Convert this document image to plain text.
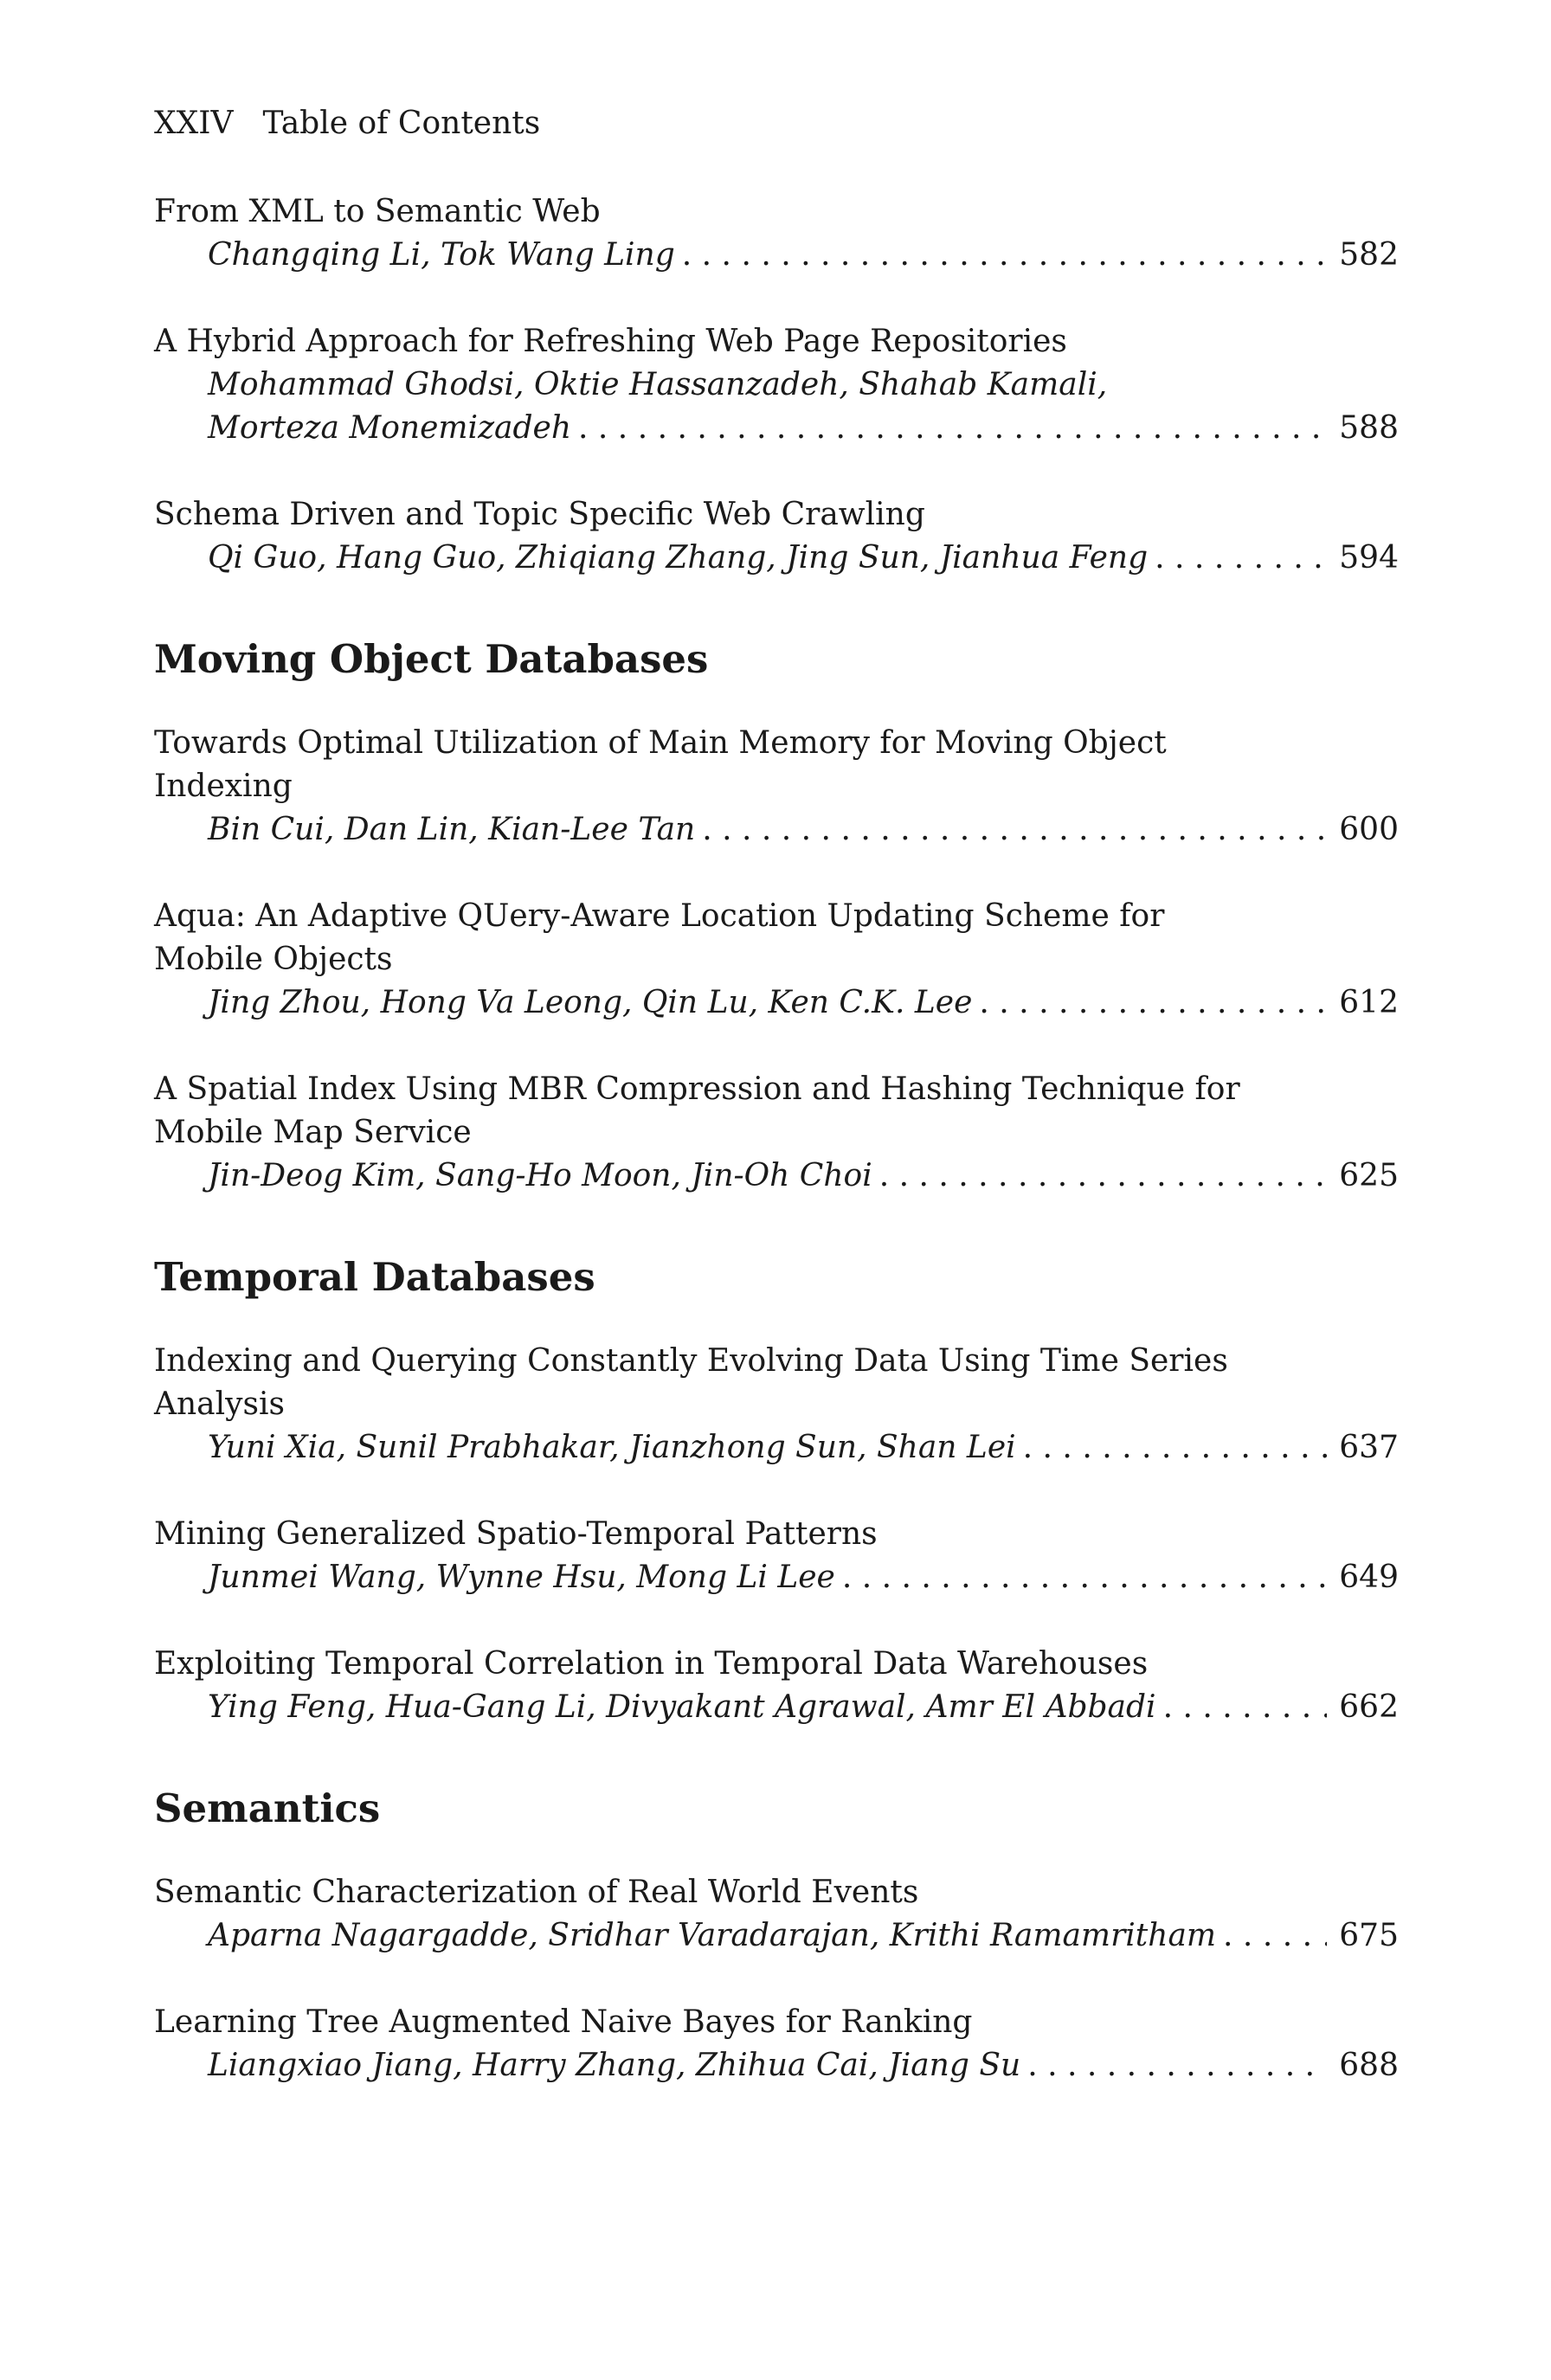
XXIV Table of Contents
From XML to Semantic Web
Changqing Li, Tok Wang Ling . . .	582
A Hybrid Approach for Refreshing Web Page Repositories
Mohammad Ghodsi, Oktie Hassanzadeh, Shahab Kamali,
Morteza Monemizadeh . . .	588
Schema Driven and Topic Specific Web Crawling
Qi Guo, Hang Guo, Zhiqiang Zhang, Jing Sun, Jianhua Feng . . .	594
Moving Object Databases
Towards Optimal Utilization of Main Memory for Moving Object
Indexing
Bin Cui, Dan Lin, Kian-Lee Tan . . .	600
Aqua: An Adaptive QUery-Aware Location Updating Scheme for
Mobile Objects
Jing Zhou, Hong Va Leong, Qin Lu, Ken C.K. Lee . . .	612
A Spatial Index Using MBR Compression and Hashing Technique for
Mobile Map Service
Jin-Deog Kim, Sang-Ho Moon, Jin-Oh Choi . . .	625
Temporal Databases
Indexing and Querying Constantly Evolving Data Using Time Series
Analysis
Yuni Xia, Sunil Prabhakar, Jianzhong Sun, Shan Lei . . .	637
Mining Generalized Spatio-Temporal Patterns
Junmei Wang, Wynne Hsu, Mong Li Lee . . .	649
Exploiting Temporal Correlation in Temporal Data Warehouses
Ying Feng, Hua-Gang Li, Divyakant Agrawal, Amr El Abbadi . . .	662
Semantics
Semantic Characterization of Real World Events
Aparna Nagargadde, Sridhar Varadarajan, Krithi Ramamritham . . .	675
Learning Tree Augmented Naive Bayes for Ranking
Liangxiao Jiang, Harry Zhang, Zhihua Cai, Jiang Su . . .	688
